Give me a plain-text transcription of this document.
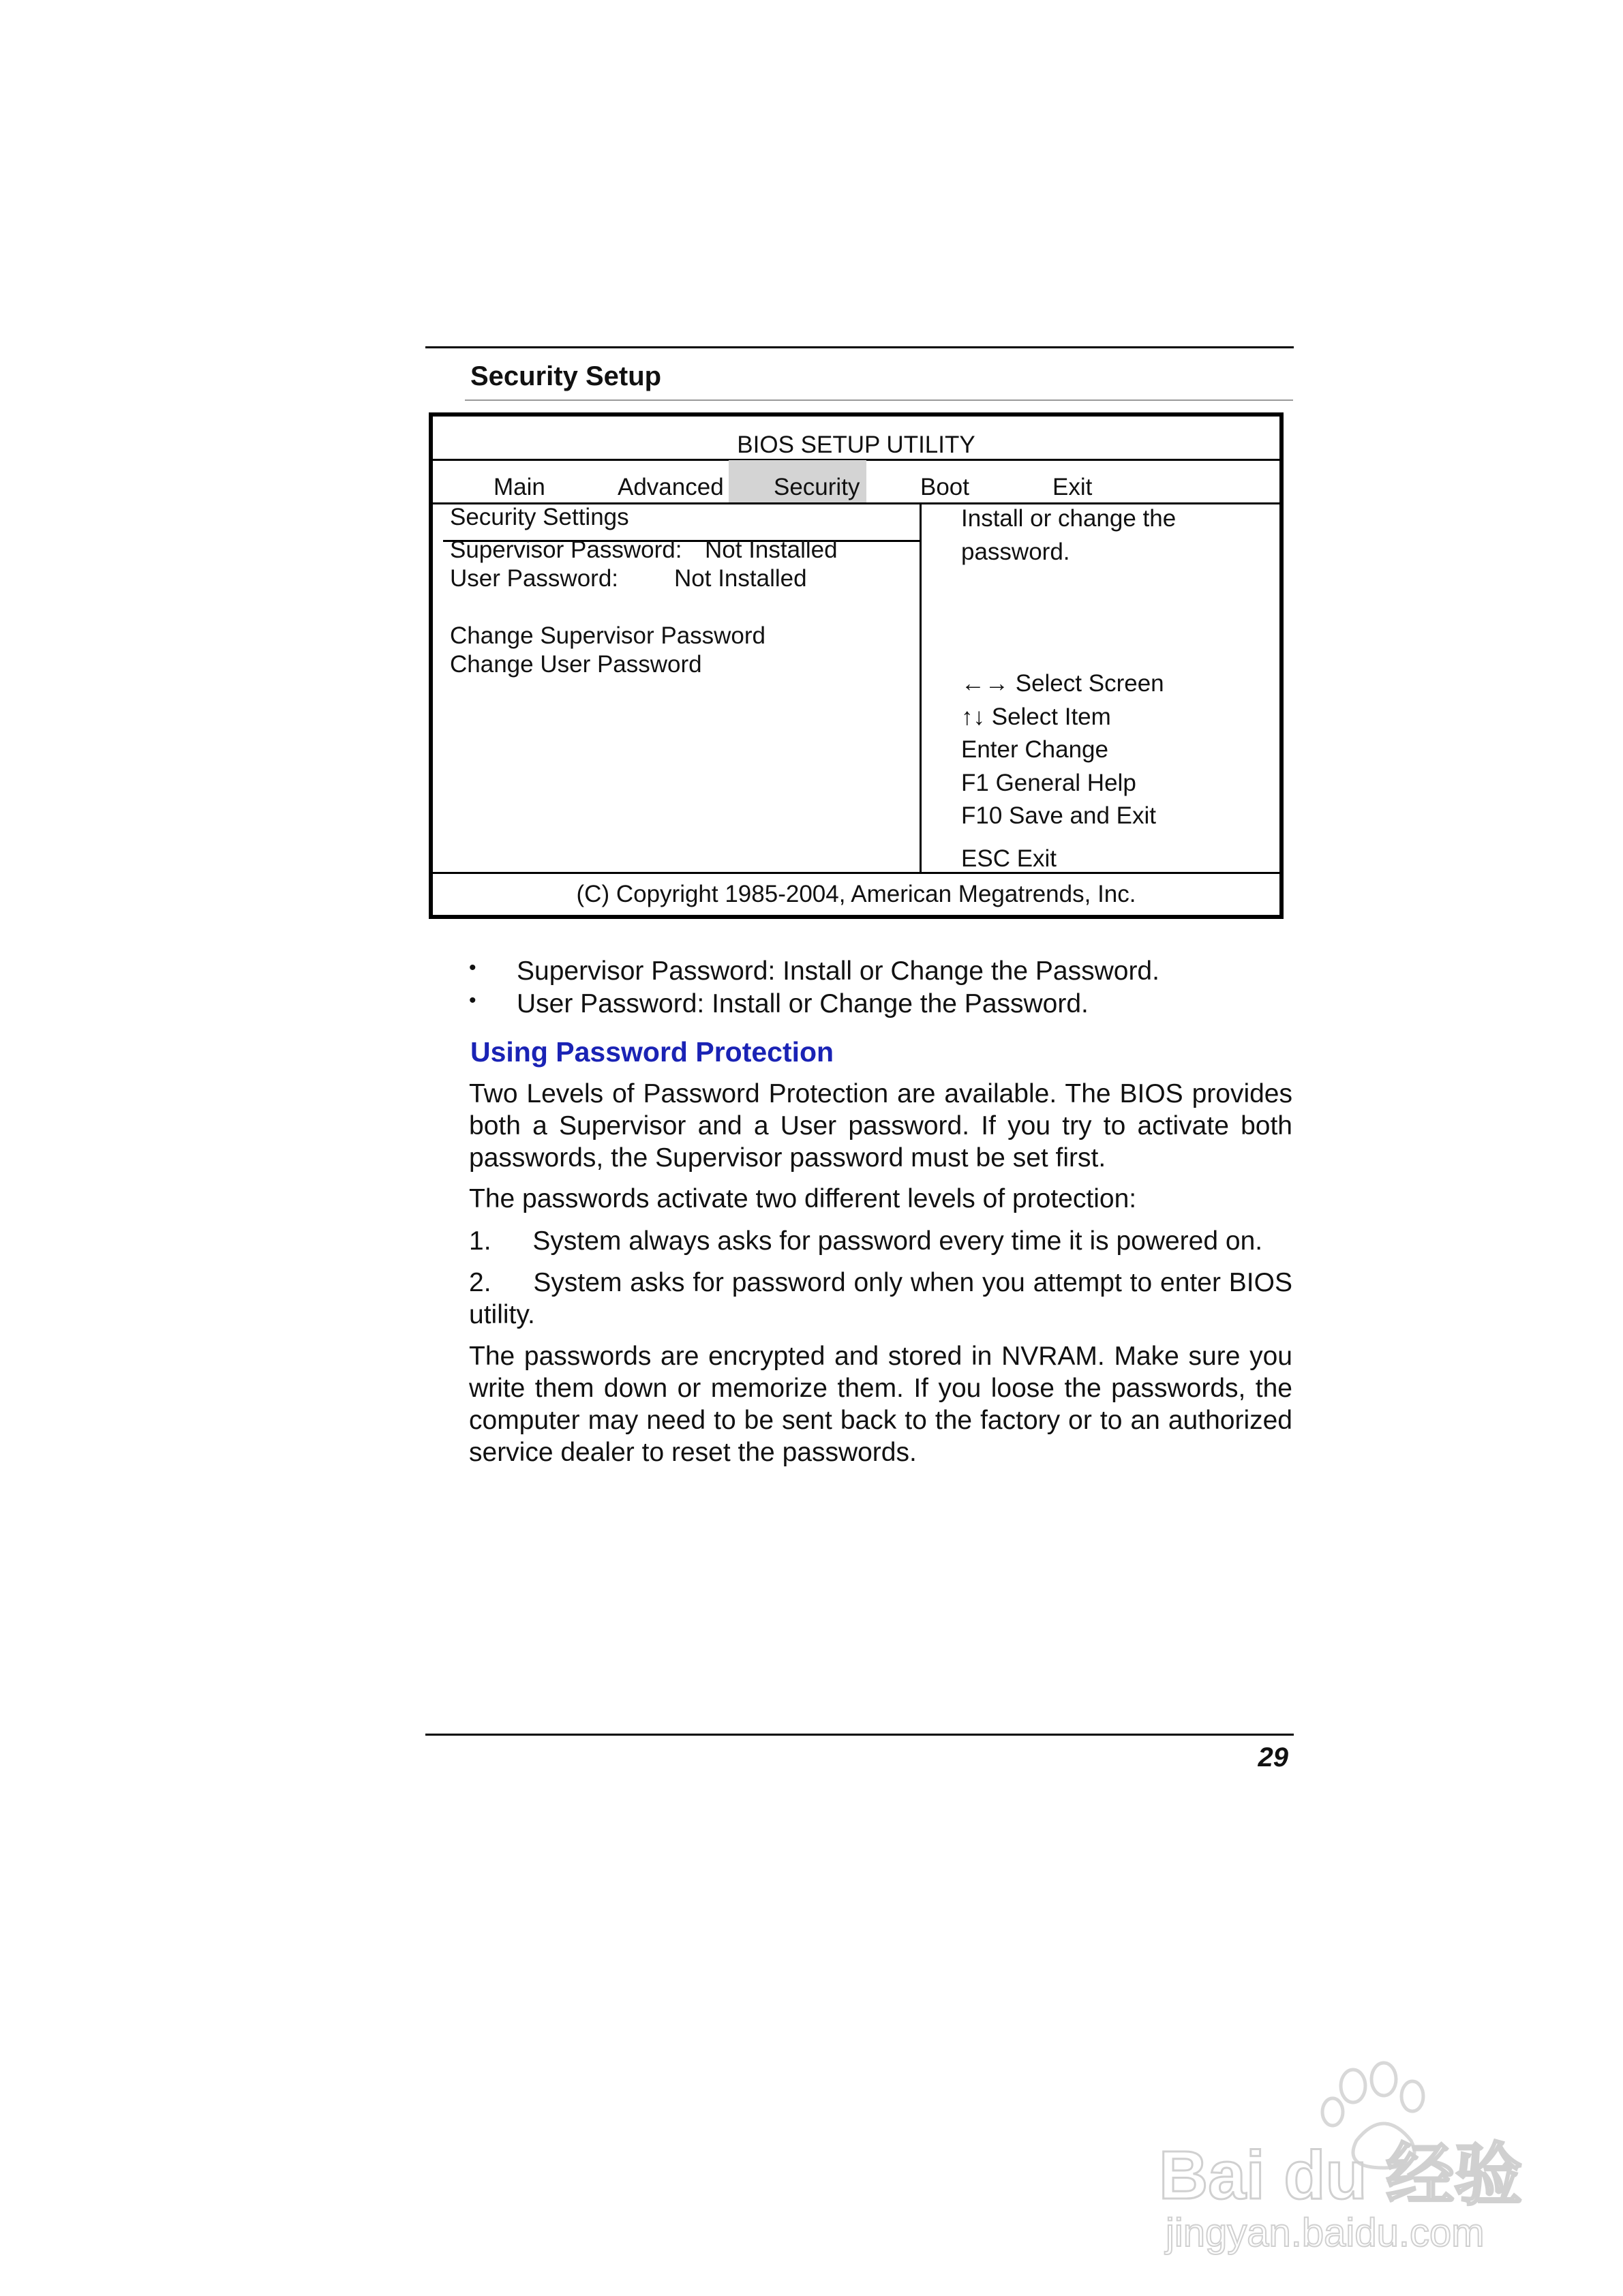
Security Setup
BIOS SETUP UTILITY
Main	Advanced Security	Boot	Exit
Security Settings
Supervisor Password: Not Installed
User Password: Not Installed
Change Supervisor Password
Change User Password
Install or change the
password.
←→ Select Screen
↑↓ Select Item
Enter Change
F1 General Help
F10 Save and Exit
ESC Exit
(C) Copyright 1985-2004, American Megatrends, Inc.
• Supervisor Password: Install or Change the Password.
• User Password: Install or Change the Password.
Using Password Protection
Two Levels of Password Protection are available. The BIOS provides both a Supervisor and a User password. If you try to activate both passwords, the Supervisor password must be set first.
The passwords activate two different levels of protection:
1. System always asks for password every time it is powered on.
2. System asks for password only when you attempt to enter BIOS utility.
The passwords are encrypted and stored in NVRAM. Make sure you write them down or memorize them. If you loose the passwords, the computer may need to be sent back to the factory or to an authorized service dealer to reset the passwords.
29
Bai du 经验
jingyan.baidu.com
